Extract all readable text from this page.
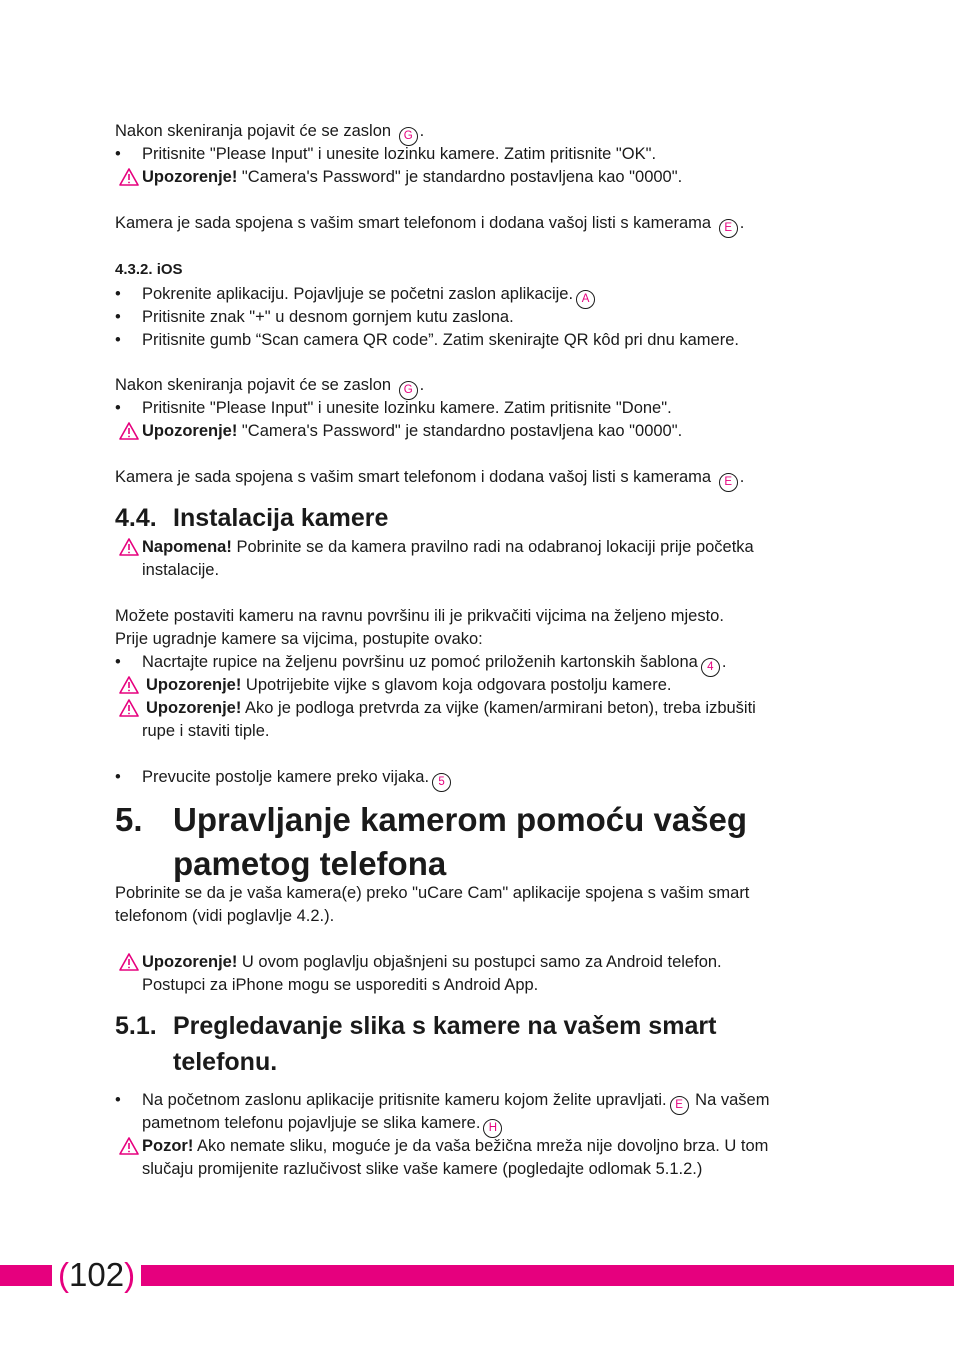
Nakon skeniranja pojavit će se zaslon G .
• Pritisnite "Please Input" i unesite lozinku kamere. Zatim pritisnite "OK".
Upozorenje! "Camera's Password" je standardno postavljena kao "0000".
Kamera je sada spojena s vašim smart telefonom i dodana vašoj listi s kamerama E .
4.3.2. iOS
• Pokrenite aplikaciju. Pojavljuje se početni zaslon aplikacije. A
• Pritisnite znak "+" u desnom gornjem kutu zaslona.
• Pritisnite gumb “Scan camera QR code”. Zatim skenirajte QR kôd pri dnu kamere.
Nakon skeniranja pojavit će se zaslon G .
• Pritisnite "Please Input" i unesite lozinku kamere. Zatim pritisnite "Done".
Upozorenje! "Camera's Password" je standardno postavljena kao "0000".
Kamera je sada spojena s vašim smart telefonom i dodana vašoj listi s kamerama E .
4.4. Instalacija kamere
Napomena! Pobrinite se da kamera pravilno radi na odabranoj lokaciji prije početka
instalacije.
Možete postaviti kameru na ravnu površinu ili je prikvačiti vijcima na željeno mjesto.
Prije ugradnje kamere sa vijcima, postupite ovako:
• Nacrtajte rupice na željenu površinu uz pomoć priloženih kartonskih šablona 4 .
Upozorenje! Upotrijebite vijke s glavom koja odgovara postolju kamere.
Upozorenje! Ako je podloga pretvrda za vijke (kamen/armirani beton), treba izbušiti
rupe i staviti tiple.
• Prevucite postolje kamere preko vijaka. 5
5. Upravljanje kamerom pomoću vašeg
pametog telefona
Pobrinite se da je vaša kamera(e) preko "uCare Cam" aplikacije spojena s vašim smart
telefonom (vidi poglavlje 4.2.).
Upozorenje! U ovom poglavlju objašnjeni su postupci samo za Android telefon.
Postupci za iPhone mogu se usporediti s Android App.
5.1. Pregledavanje slika s kamere na vašem smart
telefonu.
• Na početnom zaslonu aplikacije pritisnite kameru kojom želite upravljati. E Na vašem
pametnom telefonu pojavljuje se slika kamere. H
Pozor! Ako nemate sliku, moguće je da vaša bežična mreža nije dovoljno brza. U tom
slučaju promijenite razlučivost slike vaše kamere (pogledajte odlomak 5.1.2.)
(102)
